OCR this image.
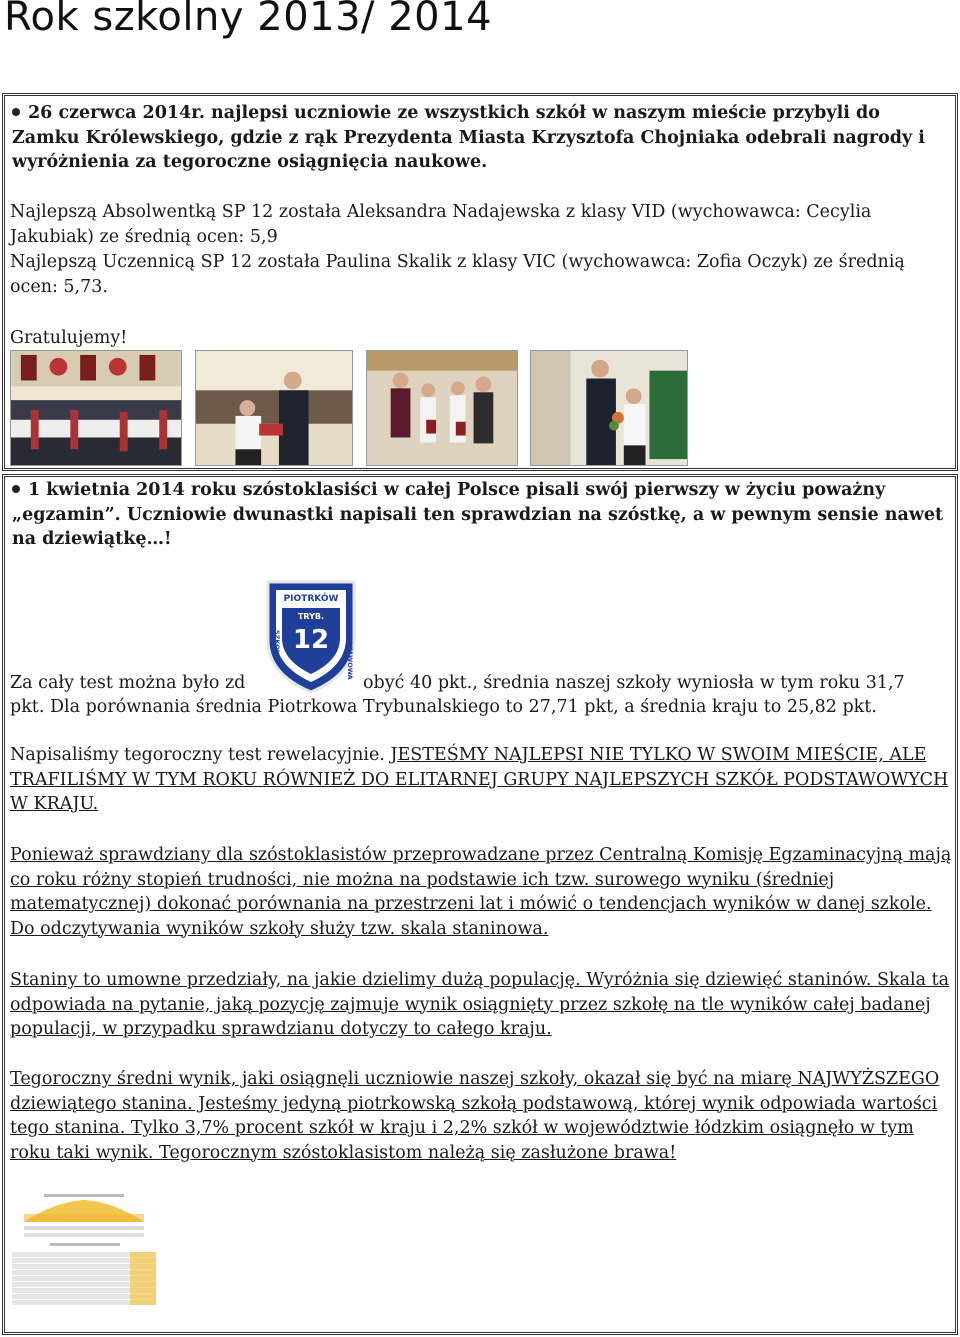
Rok szkolny 2013/ 2014

26 czerwca 2014r. najlepsi uczniowie ze wszystkich szkół w naszym mieście przybyli do Zamku Królewskiego, gdzie z rąk Prezydenta Miasta Krzysztofa Chojniaka odebrali nagrody i wyróżnienia za tegoroczne osiągnięcia naukowe.

Najlepszą Absolwentką SP 12 została Aleksandra Nadajewska z klasy VID (wychowawca: Cecylia Jakubiak) ze średnią ocen: 5,9

Najlepszą Uczennicą SP 12 została Paulina Skalik z klasy VIC (wychowawca: Zofia Oczyk) ze średnią ocen: 5,73.

Gratulujemy!

1 kwietnia 2014 roku szóstoklasiści w całej Polsce pisali swój pierwszy w życiu poważny „egzamin”. Uczniowie dwunastki napisali ten sprawdzian na szóstkę, a w pewnym sensie nawet na dziewiątkę…!

PIOTRKÓW
TRYB.
12
SZKOŁA	PODSTAWOWA

Za cały test można było zd	obyć 40 pkt., średnia naszej szkoły wyniosła w tym roku 31,7

pkt. Dla porównania średnia Piotrkowa Trybunalskiego to 27,71 pkt, a średnia kraju to 25,82 pkt.

Napisaliśmy tegoroczny test rewelacyjnie. JESTEŚMY NAJLEPSI NIE TYLKO W SWOIM MIEŚCIE, ALE TRAFILIŚMY W TYM ROKU RÓWNIEŻ DO ELITARNEJ GRUPY NAJLEPSZYCH SZKÓŁ PODSTAWOWYCH W KRAJU.

Ponieważ sprawdziany dla szóstoklasistów przeprowadzane przez Centralną Komisję Egzaminacyjną mają co roku różny stopień trudności, nie można na podstawie ich tzw. surowego wyniku (średniej matematycznej) dokonać porównania na przestrzeni lat i mówić o tendencjach wyników w danej szkole. Do odczytywania wyników szkoły służy tzw. skala staninowa.

Staniny to umowne przedziały, na jakie dzielimy dużą populację. Wyróżnia się dziewięć staninów. Skala ta odpowiada na pytanie, jaką pozycję zajmuje wynik osiągnięty przez szkołę na tle wyników całej badanej populacji, w przypadku sprawdzianu dotyczy to całego kraju.

Tegoroczny średni wynik, jaki osiągnęli uczniowie naszej szkoły, okazał się być na miarę NAJWYŻSZEGO dziewiątego stanina. Jesteśmy jedyną piotrkowską szkołą podstawową, której wynik odpowiada wartości tego stanina. Tylko 3,7% procent szkół w kraju i 2,2% szkół w województwie łódzkim osiągnęło w tym roku taki wynik. Tegorocznym szóstoklasistom należą się zasłużone brawa!
